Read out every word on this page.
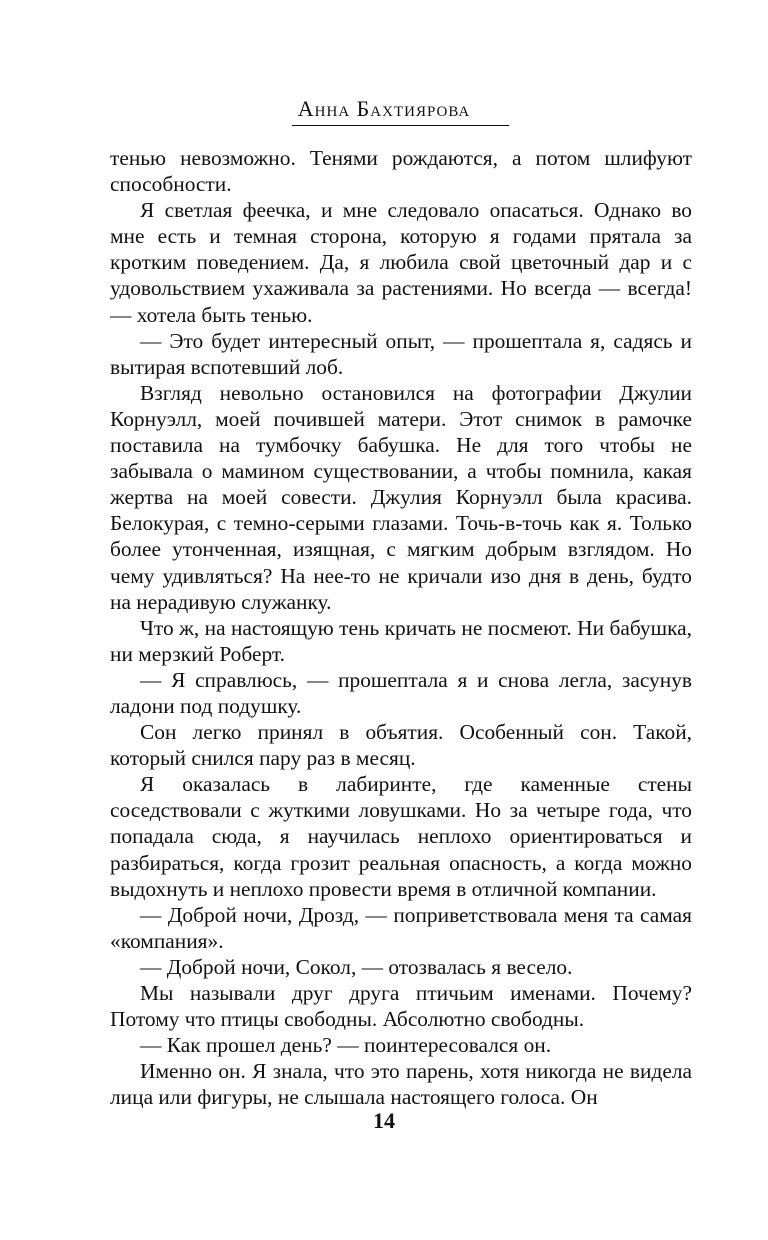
Анна Бахтиярова

тенью невозможно. Тенями рождаются, а потом шлифуют способности.

Я светлая феечка, и мне следовало опасаться. Однако во мне есть и темная сторона, которую я годами прятала за кротким поведением. Да, я любила свой цветочный дар и с удовольствием ухаживала за растениями. Но всегда — всегда! — хотела быть тенью.

— Это будет интересный опыт, — прошептала я, садясь и вытирая вспотевший лоб.

Взгляд невольно остановился на фотографии Джулии Корнуэлл, моей почившей матери. Этот снимок в рамочке поставила на тумбочку бабушка. Не для того чтобы не забывала о мамином существовании, а чтобы помнила, какая жертва на моей совести. Джулия Корнуэлл была красива. Белокурая, с темно-серыми глазами. Точь-в-точь как я. Только более утонченная, изящная, с мягким добрым взглядом. Но чему удивляться? На нее-то не кричали изо дня в день, будто на нерадивую служанку.

Что ж, на настоящую тень кричать не посмеют. Ни бабушка, ни мерзкий Роберт.

— Я справлюсь, — прошептала я и снова легла, засунув ладони под подушку.

Сон легко принял в объятия. Особенный сон. Такой, который снился пару раз в месяц.

Я оказалась в лабиринте, где каменные стены соседствовали с жуткими ловушками. Но за четыре года, что попадала сюда, я научилась неплохо ориентироваться и разбираться, когда грозит реальная опасность, а когда можно выдохнуть и неплохо провести время в отличной компании.

— Доброй ночи, Дрозд, — поприветствовала меня та самая «компания».

— Доброй ночи, Сокол, — отозвалась я весело.

Мы называли друг друга птичьим именами. Почему? Потому что птицы свободны. Абсолютно свободны.

— Как прошел день? — поинтересовался он.

Именно он. Я знала, что это парень, хотя никогда не видела лица или фигуры, не слышала настоящего голоса. Он

14
